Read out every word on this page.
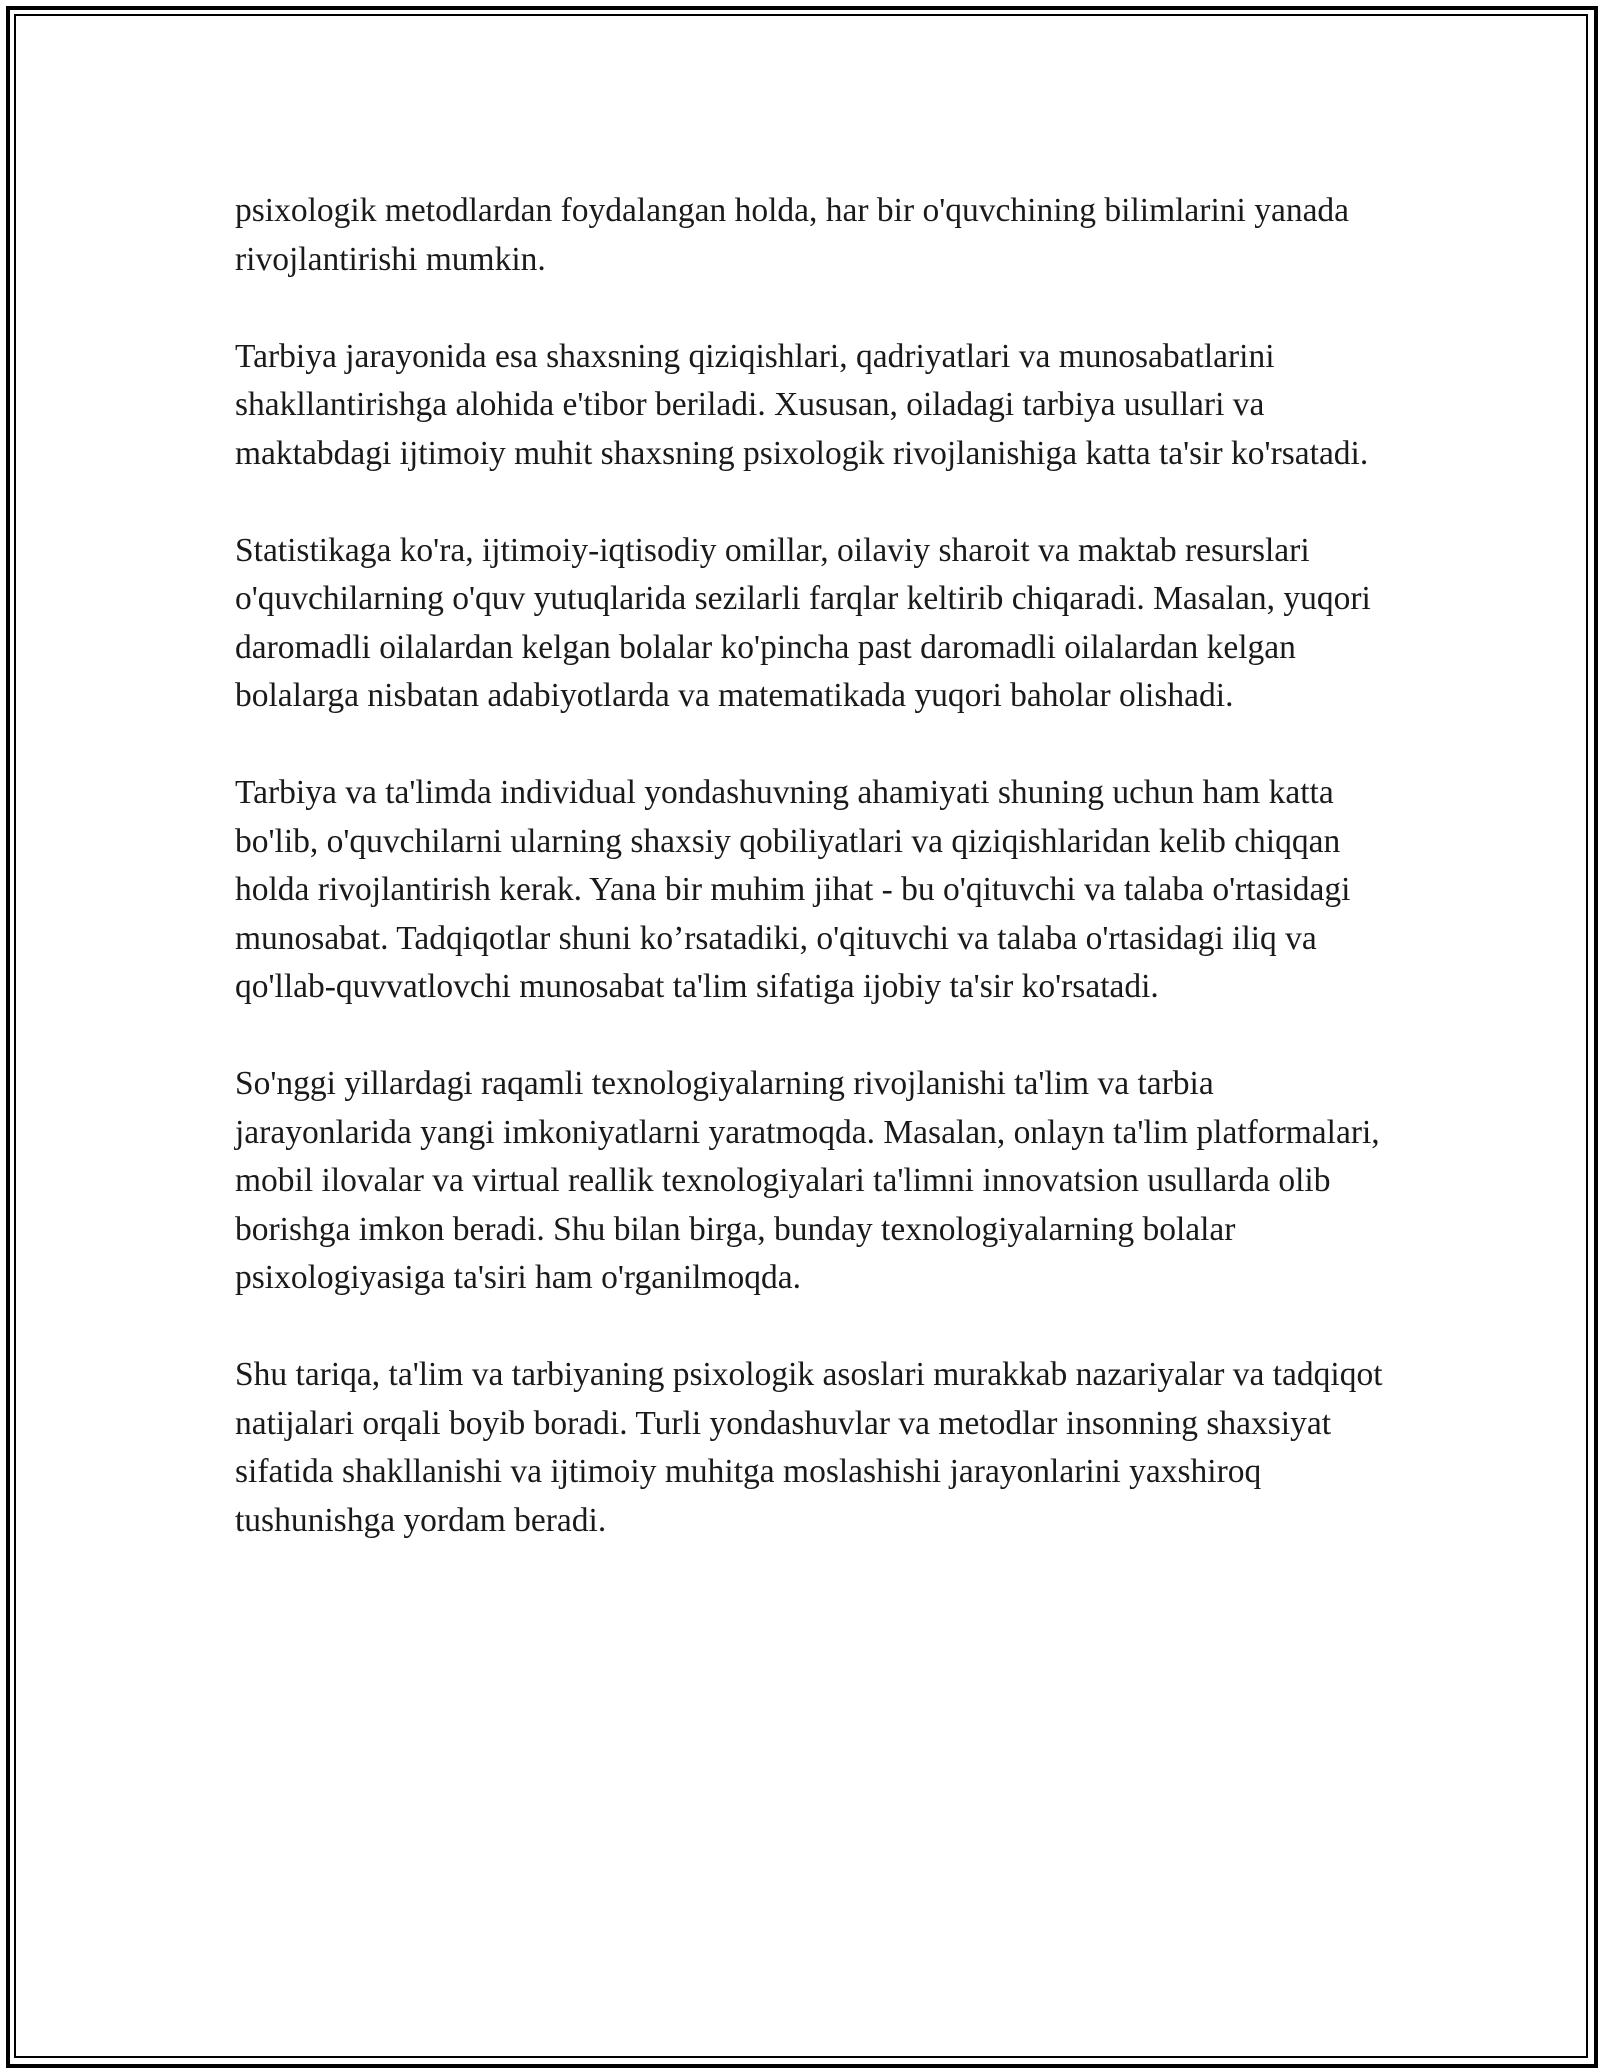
psixologik metodlardan foydalangan holda, har bir o'quvchining bilimlarini yanada rivojlantirishi mumkin.

Tarbiya jarayonida esa shaxsning qiziqishlari, qadriyatlari va munosabatlarini shakllantirishga alohida e'tibor beriladi. Xususan, oiladagi tarbiya usullari va maktabdagi ijtimoiy muhit shaxsning psixologik rivojlanishiga katta ta'sir ko'rsatadi.

Statistikaga ko'ra, ijtimoiy-iqtisodiy omillar, oilaviy sharoit va maktab resurslari o'quvchilarning o'quv yutuqlarida sezilarli farqlar keltirib chiqaradi. Masalan, yuqori daromadli oilalardan kelgan bolalar ko'pincha past daromadli oilalardan kelgan bolalarga nisbatan adabiyotlarda va matematikada yuqori baholar olishadi.

Tarbiya va ta'limda individual yondashuvning ahamiyati shuning uchun ham katta bo'lib, o'quvchilarni ularning shaxsiy qobiliyatlari va qiziqishlaridan kelib chiqqan holda rivojlantirish kerak. Yana bir muhim jihat - bu o'qituvchi va talaba o'rtasidagi munosabat. Tadqiqotlar shuni ko’rsatadiki, o'qituvchi va talaba o'rtasidagi iliq va qo'llab-quvvatlovchi munosabat ta'lim sifatiga ijobiy ta'sir ko'rsatadi.

So'nggi yillardagi raqamli texnologiyalarning rivojlanishi ta'lim va tarbia jarayonlarida yangi imkoniyatlarni yaratmoqda. Masalan, onlayn ta'lim platformalari, mobil ilovalar va virtual reallik texnologiyalari ta'limni innovatsion usullarda olib borishga imkon beradi. Shu bilan birga, bunday texnologiyalarning bolalar psixologiyasiga ta'siri ham o'rganilmoqda.

Shu tariqa, ta'lim va tarbiyaning psixologik asoslari murakkab nazariyalar va tadqiqot natijalari orqali boyib boradi. Turli yondashuvlar va metodlar insonning shaxsiyat sifatida shakllanishi va ijtimoiy muhitga moslashishi jarayonlarini yaxshiroq tushunishga yordam beradi.
